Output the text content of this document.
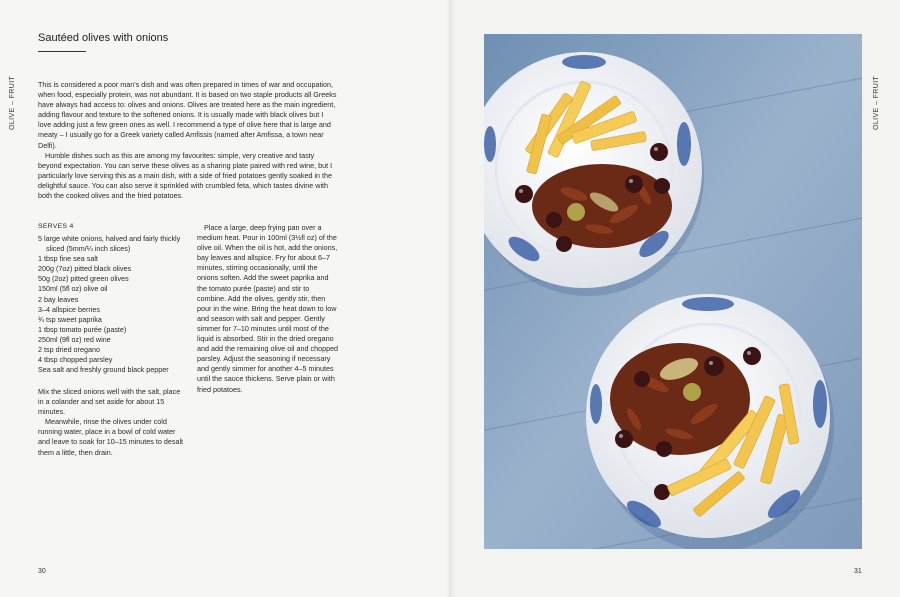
OLIVE – FRUIT	OLIVE – FRUIT
Sautéed olives with onions

This is considered a poor man's dish and was often prepared in times of war and occupation, when food, especially protein, was not abundant. It is based on two staple products all Greeks have always had access to: olives and onions. Olives are treated here as the main ingredient, adding flavour and texture to the softened onions. It is usually made with black olives but I love adding just a few green ones as well. I recommend a type of olive here that is large and meaty – I usually go for a Greek variety called Amfissis (named after Amfissa, a town near Delfi).

Humble dishes such as this are among my favourites: simple, very creative and tasty beyond expectation. You can serve these olives as a sharing plate paired with red wine, but I particularly love serving this as a main dish, with a side of fried potatoes gently soaked in the delightful sauce. You can also serve it sprinkled with crumbled feta, which tastes divine with both the cooked olives and the fried potatoes.

SERVES 4
5 large white onions, halved and fairly thickly sliced (5mm/¼ inch slices)
1 tbsp fine sea salt
200g (7oz) pitted black olives
50g (2oz) pitted green olives
150ml (5fl oz) olive oil
2 bay leaves
3–4 allspice berries
¾ tsp sweet paprika
1 tbsp tomato purée (paste)
250ml (9fl oz) red wine
2 tsp dried oregano
4 tbsp chopped parsley
Sea salt and freshly ground black pepper

Mix the sliced onions well with the salt, place in a colander and set aside for about 15 minutes.

Meanwhile, rinse the olives under cold running water, place in a bowl of cold water and leave to soak for 10–15 minutes to desalt them a little, then drain.

Place a large, deep frying pan over a medium heat. Pour in 100ml (3½fl oz) of the olive oil. When the oil is hot, add the onions, bay leaves and allspice. Fry for about 6–7 minutes, stirring occasionally, until the onions soften. Add the sweet paprika and the tomato purée (paste) and stir to combine. Add the olives, gently stir, then pour in the wine. Bring the heat down to low and season with salt and pepper. Gently simmer for 7–10 minutes until most of the liquid is absorbed. Stir in the dried oregano and add the remaining olive oil and chopped parsley. Adjust the seasoning if necessary and gently simmer for another 4–5 minutes until the sauce thickens. Serve plain or with fried potatoes.

30	31
